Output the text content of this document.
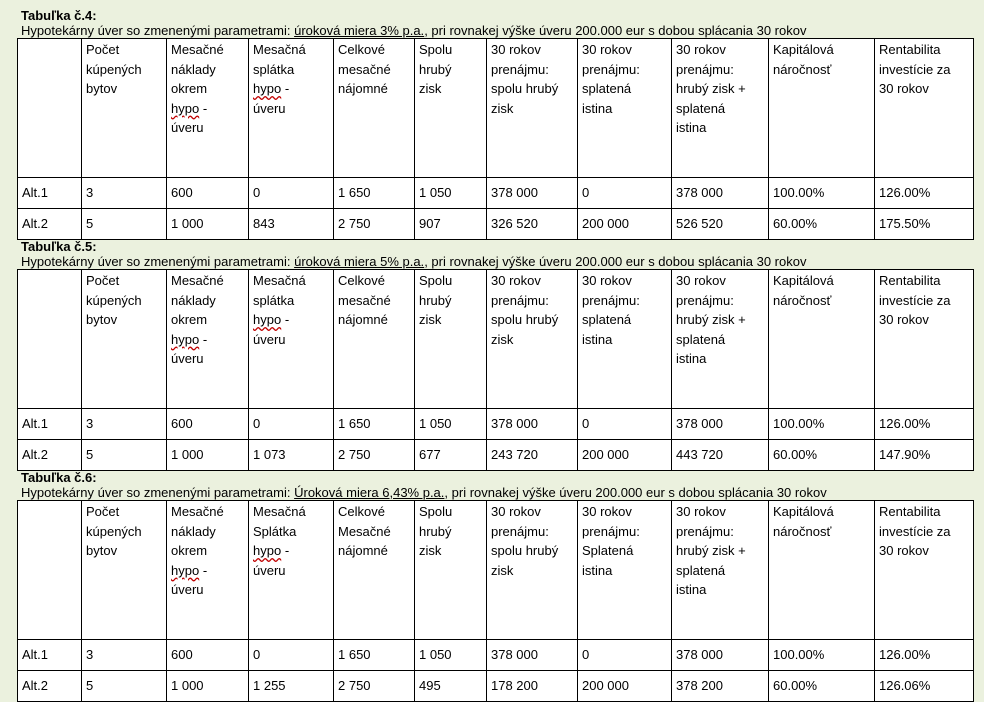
Tabuľka č.4:
Hypotekárny úver so zmenenými parametrami: úroková miera 3% p.a., pri rovnakej výške úveru 200.000 eur s dobou splácania 30 rokov
	Počet
kúpených
bytov	Mesačné
náklady
okrem
hypo -
úveru	Mesačná
splátka
hypo -
úveru	Celkové
mesačné
nájomné	Spolu
hrubý
zisk	30 rokov
prenájmu:
spolu hrubý
zisk	30 rokov
prenájmu:
splatená
istina	30 rokov
prenájmu:
hrubý zisk +
splatená
istina	Kapitálová
náročnosť	Rentabilita
investície za
30 rokov
Alt.1	3	600	0	1 650	1 050	378 000	0	378 000	100.00%	126.00%
Alt.2	5	1 000	843	2 750	907	326 520	200 000	526 520	60.00%	175.50%
Tabuľka č.5:
Hypotekárny úver so zmenenými parametrami: úroková miera 5% p.a., pri rovnakej výške úveru 200.000 eur s dobou splácania 30 rokov
	Počet
kúpených
bytov	Mesačné
náklady
okrem
hypo -
úveru	Mesačná
splátka
hypo -
úveru	Celkové
mesačné
nájomné	Spolu
hrubý
zisk	30 rokov
prenájmu:
spolu hrubý
zisk	30 rokov
prenájmu:
splatená
istina	30 rokov
prenájmu:
hrubý zisk +
splatená
istina	Kapitálová
náročnosť	Rentabilita
investície za
30 rokov
Alt.1	3	600	0	1 650	1 050	378 000	0	378 000	100.00%	126.00%
Alt.2	5	1 000	1 073	2 750	677	243 720	200 000	443 720	60.00%	147.90%
Tabuľka č.6:
Hypotekárny úver so zmenenými parametrami: Úroková miera 6,43% p.a., pri rovnakej výške úveru 200.000 eur s dobou splácania 30 rokov
	Počet
kúpených
bytov	Mesačné
náklady
okrem
hypo -
úveru	Mesačná
Splátka
hypo -
úveru	Celkové
Mesačné
nájomné	Spolu
hrubý
zisk	30 rokov
prenájmu:
spolu hrubý
zisk	30 rokov
prenájmu:
Splatená
istina	30 rokov
prenájmu:
hrubý zisk +
splatená
istina	Kapitálová
náročnosť	Rentabilita
investície za
30 rokov
Alt.1	3	600	0	1 650	1 050	378 000	0	378 000	100.00%	126.00%
Alt.2	5	1 000	1 255	2 750	495	178 200	200 000	378 200	60.00%	126.06%
